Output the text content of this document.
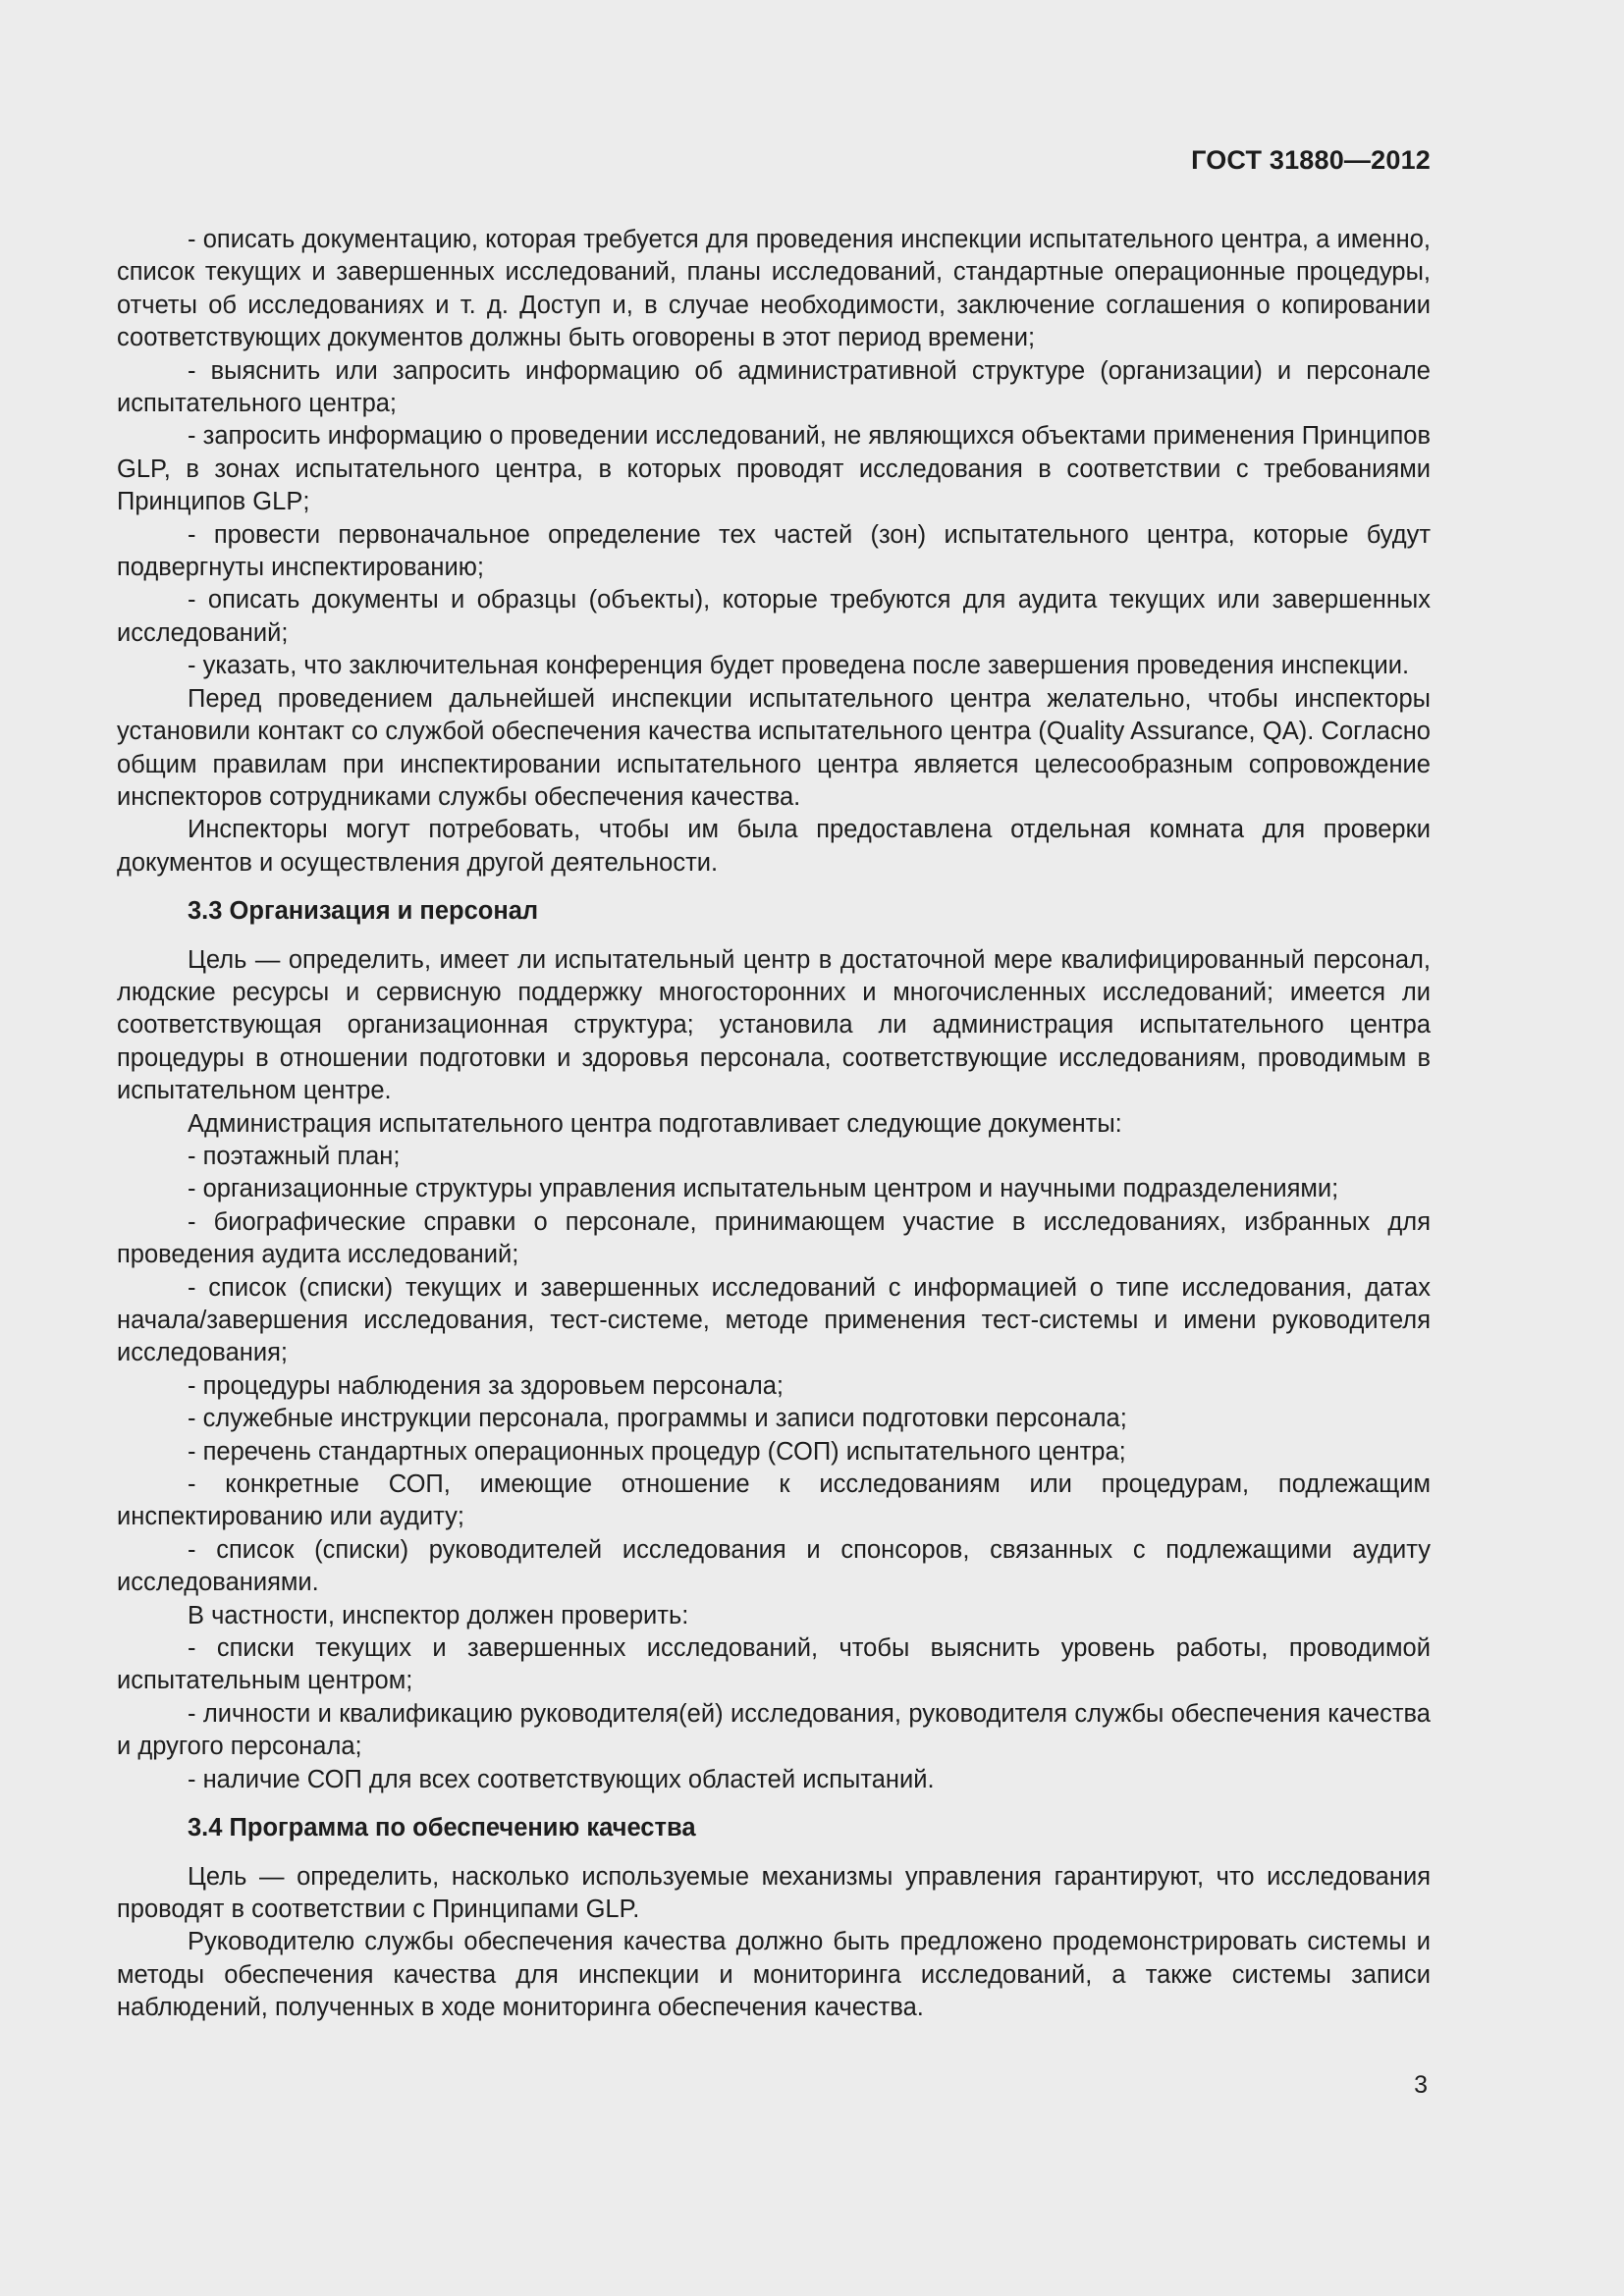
ГОСТ 31880—2012

- описать документацию, которая требуется для проведения инспекции испытательного центра, а именно, список текущих и завершенных исследований, планы исследований, стандартные операционные процедуры, отчеты об исследованиях и т. д. Доступ и, в случае необходимости, заключение соглашения о копировании соответствующих документов должны быть оговорены в этот период времени;

- выяснить или запросить информацию об административной структуре (организации) и персонале испытательного центра;

- запросить информацию о проведении исследований, не являющихся объектами применения Принципов GLP, в зонах испытательного центра, в которых проводят исследования в соответствии с требованиями Принципов GLP;

- провести первоначальное определение тех частей (зон) испытательного центра, которые будут подвергнуты инспектированию;

- описать документы и образцы (объекты), которые требуются для аудита текущих или завершенных исследований;

- указать, что заключительная конференция будет проведена после завершения проведения инспекции.

Перед проведением дальнейшей инспекции испытательного центра желательно, чтобы инспекторы установили контакт со службой обеспечения качества испытательного центра (Quality Assurance, QA). Согласно общим правилам при инспектировании испытательного центра является целесообразным сопровождение инспекторов сотрудниками службы обеспечения качества.

Инспекторы могут потребовать, чтобы им была предоставлена отдельная комната для проверки документов и осуществления другой деятельности.

3.3 Организация и персонал

Цель — определить, имеет ли испытательный центр в достаточной мере квалифицированный персонал, людские ресурсы и сервисную поддержку многосторонних и многочисленных исследований; имеется ли соответствующая организационная структура; установила ли администрация испытательного центра процедуры в отношении подготовки и здоровья персонала, соответствующие исследованиям, проводимым в испытательном центре.

Администрация испытательного центра подготавливает следующие документы:

- поэтажный план;

- организационные структуры управления испытательным центром и научными подразделениями;

- биографические справки о персонале, принимающем участие в исследованиях, избранных для проведения аудита исследований;

- список (списки) текущих и завершенных исследований с информацией о типе исследования, датах начала/завершения исследования, тест-системе, методе применения тест-системы и имени руководителя исследования;

- процедуры наблюдения за здоровьем персонала;

- служебные инструкции персонала, программы и записи подготовки персонала;

- перечень стандартных операционных процедур (СОП) испытательного центра;

- конкретные СОП, имеющие отношение к исследованиям или процедурам, подлежащим инспектированию или аудиту;

- список (списки) руководителей исследования и спонсоров, связанных с подлежащими аудиту исследованиями.

В частности, инспектор должен проверить:

- списки текущих и завершенных исследований, чтобы выяснить уровень работы, проводимой испытательным центром;

- личности и квалификацию руководителя(ей) исследования, руководителя службы обеспечения качества и другого персонала;

- наличие СОП для всех соответствующих областей испытаний.

3.4 Программа по обеспечению качества

Цель — определить, насколько используемые механизмы управления гарантируют, что исследования проводят в соответствии с Принципами GLP.

Руководителю службы обеспечения качества должно быть предложено продемонстрировать системы и методы обеспечения качества для инспекции и мониторинга исследований, а также системы записи наблюдений, полученных в ходе мониторинга обеспечения качества.

3
